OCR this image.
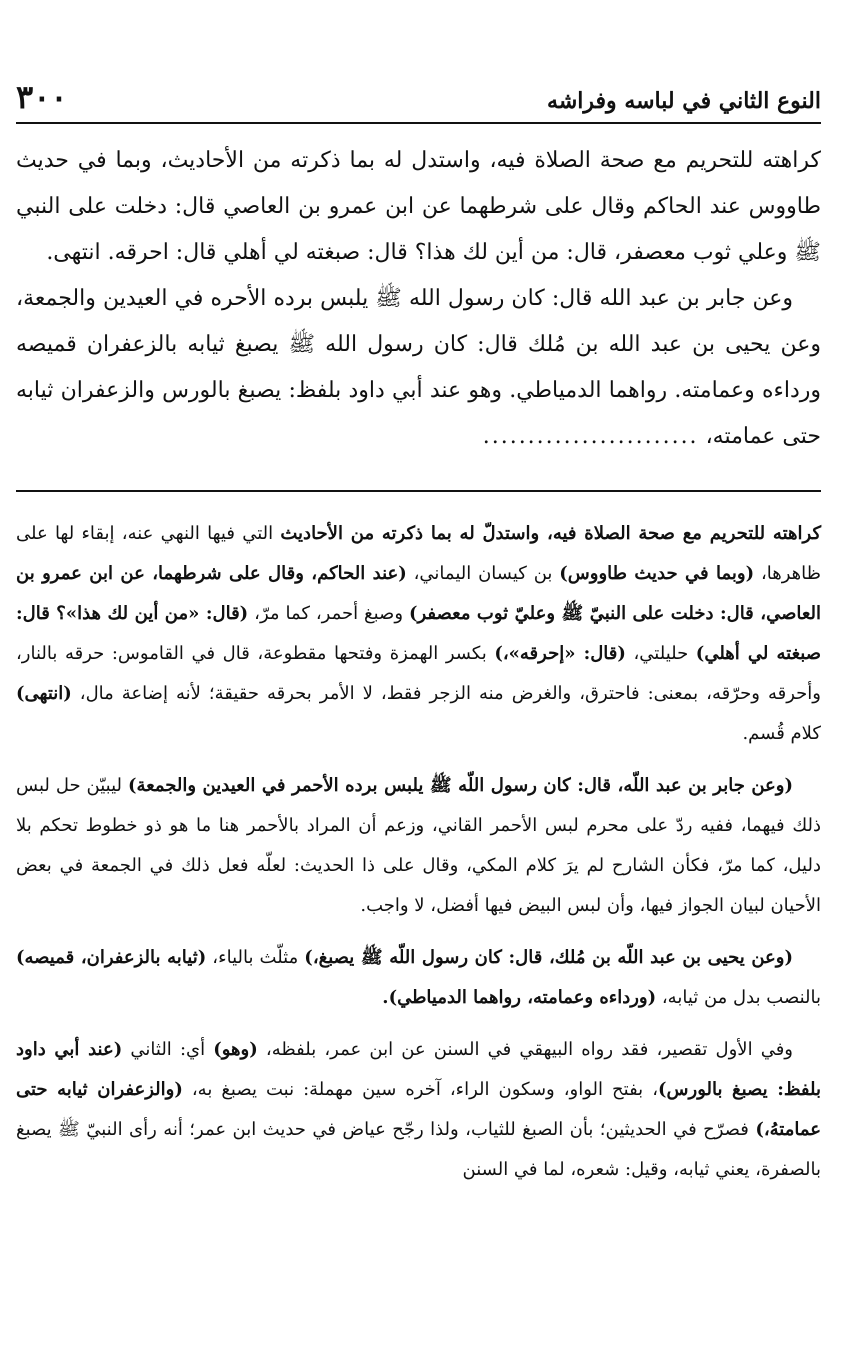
النوع الثاني في لباسه وفراشه
٣٠٠

كراهته للتحريم مع صحة الصلاة فيه، واستدل له بما ذكرته من الأحاديث، وبما في حديث طاووس عند الحاكم وقال على شرطهما عن ابن عمرو بن العاصي قال: دخلت على النبي ﷺ وعلي ثوب معصفر، قال: من أين لك هذا؟ قال: صبغته لي أهلي قال: احرقه. انتهى.

وعن جابر بن عبد الله قال: كان رسول الله ﷺ يلبس برده الأحره في العيدين والجمعة، وعن يحيى بن عبد الله بن مُلك قال: كان رسول الله ﷺ يصبغ ثيابه بالزعفران قميصه ورداءه وعمامته. رواهما الدمياطي. وهو عند أبي داود بلفظ: يصبغ بالورس والزعفران ثيابه حتى عمامته، ........................

كراهته للتحريم مع صحة الصلاة فيه، واستدلّ له بما ذكرته من الأحاديث التي فيها النهي عنه، إبقاء لها على ظاهرها، (وبما في حديث طاووس) بن كيسان اليماني، (عند الحاكم، وقال على شرطهما، عن ابن عمرو بن العاصي، قال: دخلت على النبيّ ﷺ وعليّ ثوب معصفر) وصبغ أحمر، كما مرّ، (قال: «من أين لك هذا»؟ قال: صبغته لي أهلي) حليلتي، (قال: «إحرقه»،) بكسر الهمزة وفتحها مقطوعة، قال في القاموس: حرقه بالنار، وأحرقه وحرّقه، بمعنى: فاحترق، والغرض منه الزجر فقط، لا الأمر بحرقه حقيقة؛ لأنه إضاعة مال، (انتهى) كلام قُسم.

(وعن جابر بن عبد اللّه، قال: كان رسول اللّه ﷺ يلبس برده الأحمر في العيدين والجمعة) ليبيّن حل لبس ذلك فيهما، ففيه ردّ على محرم لبس الأحمر القاني، وزعم أن المراد بالأحمر هنا ما هو ذو خطوط تحكم بلا دليل، كما مرّ، فكأن الشارح لم يرَ كلام المكي، وقال على ذا الحديث: لعلّه فعل ذلك في الجمعة في بعض الأحيان لبيان الجواز فيها، وأن لبس البيض فيها أفضل، لا واجب.

(وعن يحيى بن عبد اللّه بن مُلك، قال: كان رسول اللّه ﷺ يصبغ،) مثلّث بالياء، (ثيابه بالزعفران، قميصه) بالنصب بدل من ثيابه، (ورداءه وعمامته، رواهما الدمياطي).

وفي الأول تقصير، فقد رواه البيهقي في السنن عن ابن عمر، بلفظه، (وهو) أي: الثاني (عند أبي داود بلفظ: يصبغ بالورس)، بفتح الواو، وسكون الراء، آخره سين مهملة: نبت يصبغ به، (والزعفران ثيابه حتى عمامتهُ،) فصرّح في الحديثين؛ بأن الصبغ للثياب، ولذا رجّح عياض في حديث ابن عمر؛ أنه رأى النبيّ ﷺ يصبغ بالصفرة، يعني ثيابه، وقيل: شعره، لما في السنن
